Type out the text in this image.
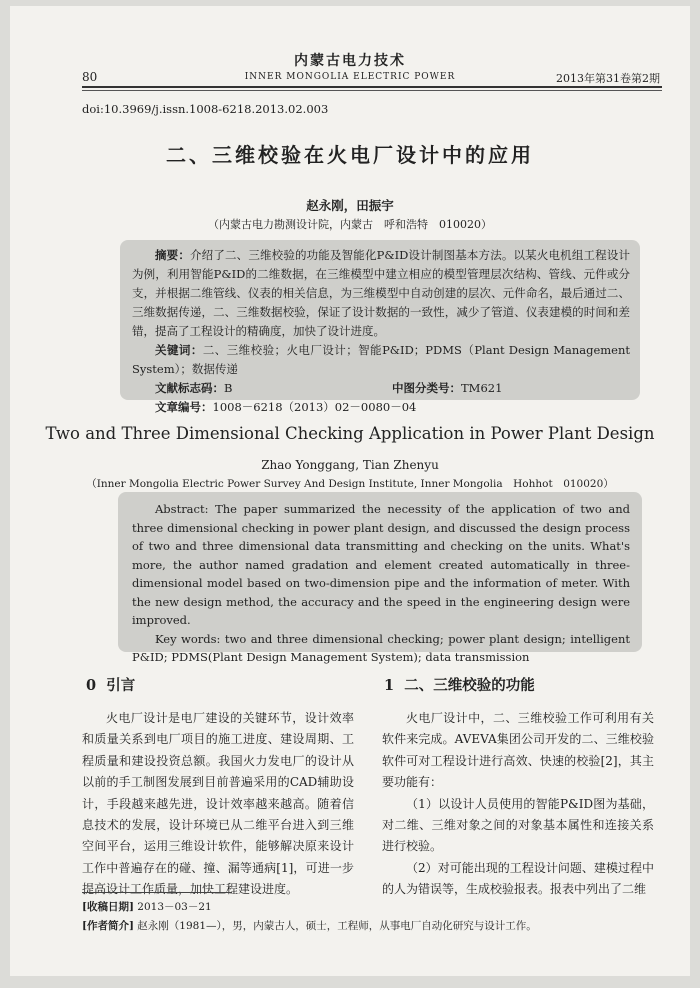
内蒙古电力技术
80	INNER MONGOLIA ELECTRIC POWER	2013年第31卷第2期
doi:10.3969/j.issn.1008-6218.2013.02.003
二、三维校验在火电厂设计中的应用
赵永刚，田振宇
（内蒙古电力勘测设计院，内蒙古　呼和浩特　010020）
摘要：介绍了二、三维校验的功能及智能化P&ID设计制图基本方法。以某火电机组工程设计为例，利用智能P&ID的二维数据，在三维模型中建立相应的模型管理层次结构、管线、元件或分支，并根据二维管线、仪表的相关信息，为三维模型中自动创建的层次、元件命名，最后通过二、三维数据传递，二、三维数据校验，保证了设计数据的一致性，减少了管道、仪表建模的时间和差错，提高了工程设计的精确度，加快了设计进度。
关键词：二、三维校验；火电厂设计；智能P&ID；PDMS（Plant Design Management System）；数据传递
文献标志码：B	中图分类号：TM621
文章编号：1008－6218（2013）02－0080－04
Two and Three Dimensional Checking Application in Power Plant Design
Zhao Yonggang, Tian Zhenyu
（Inner Mongolia Electric Power Survey And Design Institute, Inner Mongolia　Hohhot　010020）
Abstract: The paper summarized the necessity of the application of two and three dimensional checking in power plant design, and discussed the design process of two and three dimensional data transmitting and checking on the units. What's more, the author named gradation and element created automatically in three-dimensional model based on two-dimension pipe and the information of meter. With the new design method, the accuracy and the speed in the engineering design were improved.
Key words: two and three dimensional checking; power plant design; intelligent P&ID; PDMS(Plant Design Management System); data transmission
0 引言

火电厂设计是电厂建设的关键环节，设计效率和质量关系到电厂项目的施工进度、建设周期、工程质量和建设投资总额。我国火力发电厂的设计从以前的手工制图发展到目前普遍采用的CAD辅助设计，手段越来越先进，设计效率越来越高。随着信息技术的发展，设计环境已从二维平台进入到三维空间平台，运用三维设计软件，能够解决原来设计工作中普遍存在的碰、撞、漏等通病[1]，可进一步提高设计工作质量，加快工程建设进度。

1 二、三维校验的功能

火电厂设计中，二、三维校验工作可利用有关软件来完成。AVEVA集团公司开发的二、三维校验软件可对工程设计进行高效、快速的校验[2]，其主要功能有：

（1）以设计人员使用的智能P&ID图为基础，对二维、三维对象之间的对象基本属性和连接关系进行校验。

（2）对可能出现的工程设计问题、建模过程中的人为错误等，生成校验报表。报表中列出了二维

[收稿日期] 2013－03－21
[作者简介] 赵永刚（1981—），男，内蒙古人，硕士，工程师，从事电厂自动化研究与设计工作。
